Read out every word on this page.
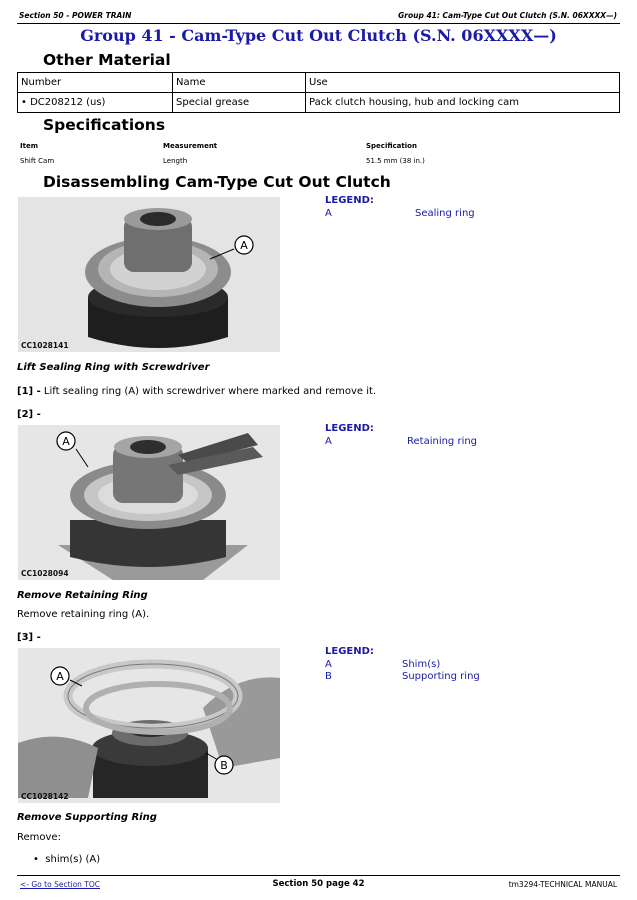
Section 50 - POWER TRAIN	Group 41: Cam-Type Cut Out Clutch (S.N. 06XXXX—)
Group 41 - Cam-Type Cut Out Clutch (S.N. 06XXXX—)
Other Material
Number	Name	Use
• DC208212 (us)	Special grease	Pack clutch housing, hub and locking cam
Specifications
Item	Measurement	Specification
Shift Cam	Length	51.5 mm (38 in.)
Disassembling Cam-Type Cut Out Clutch
A
CC1028141
LEGEND:
A	Sealing ring
Lift Sealing Ring with Screwdriver
[1] - Lift sealing ring (A) with screwdriver where marked and remove it.
[2] -
A
CC1028094
LEGEND:
A	Retaining ring
Remove Retaining Ring
Remove retaining ring (A).
[3] -
A
B
CC1028142
LEGEND:
A	Shim(s)
B	Supporting ring
Remove Supporting Ring
Remove:
•  shim(s) (A)
<- Go to Section TOC	Section 50 page 42	tm3294-TECHNICAL MANUAL
